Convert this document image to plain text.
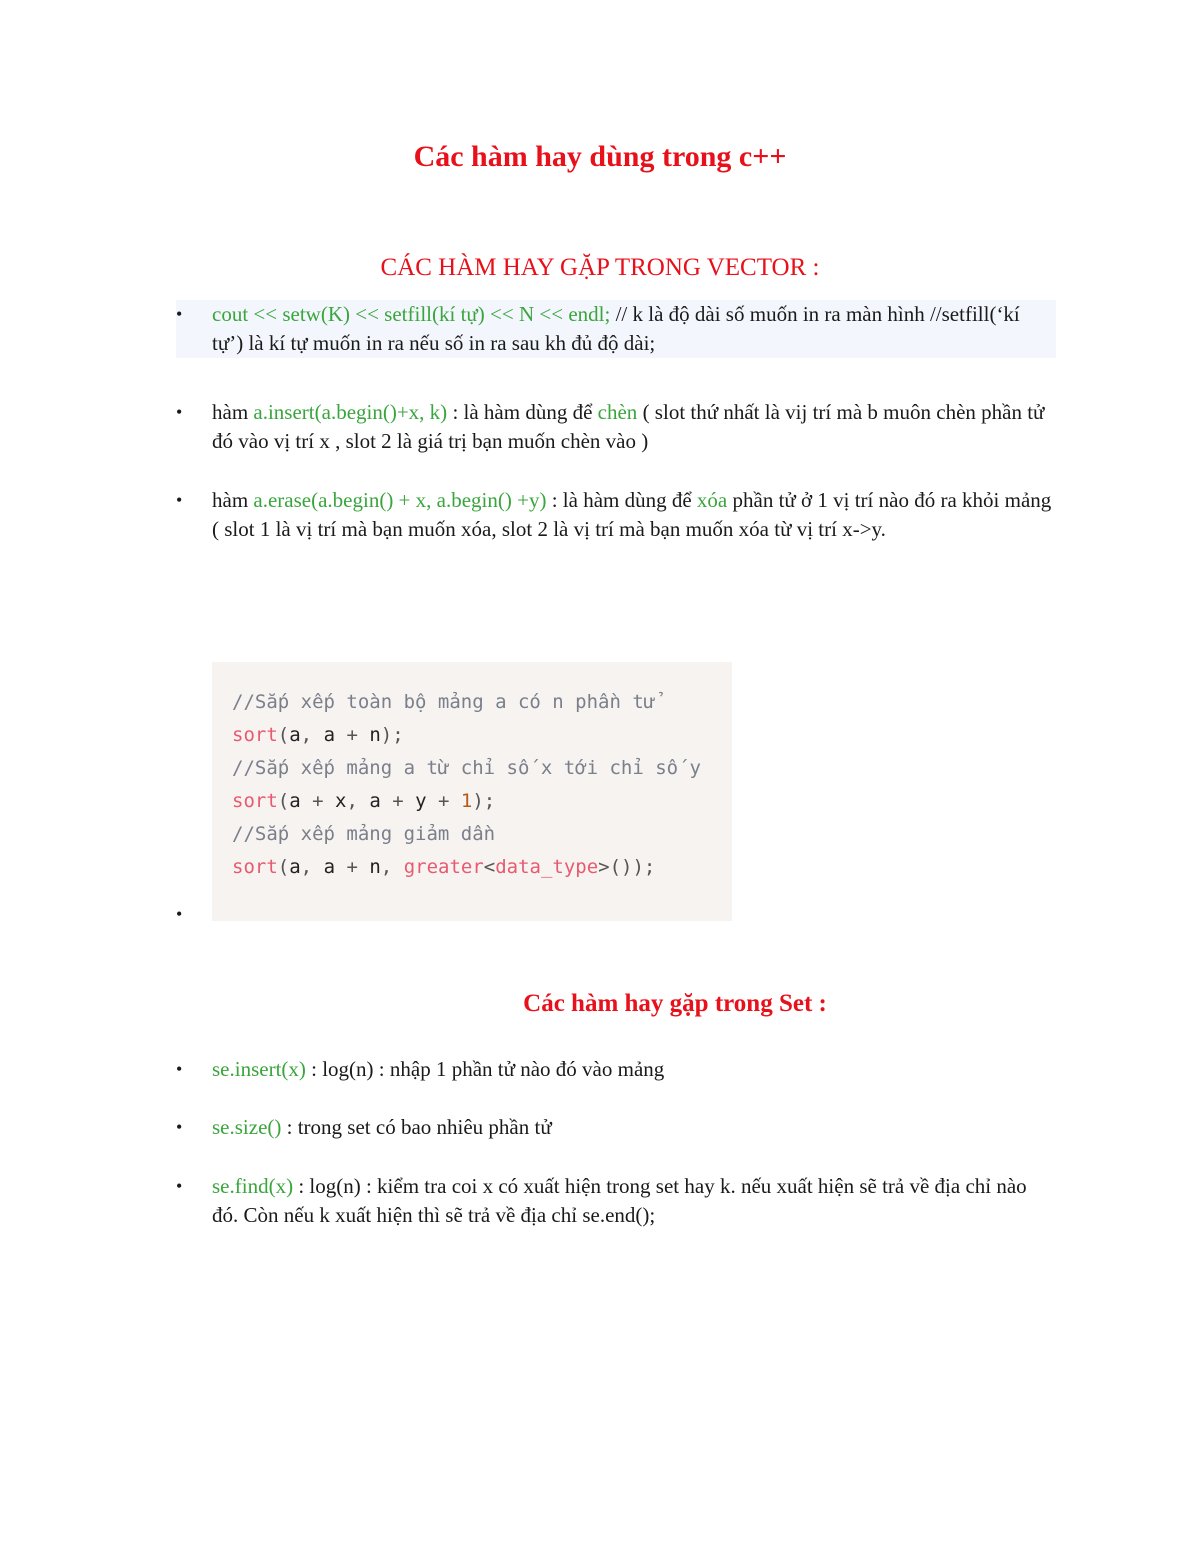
Các hàm hay dùng trong c++
CÁC HÀM HAY GẶP TRONG VECTOR :
• cout << setw(K) << setfill(kí tự) << N << endl; // k là độ dài số muốn in ra màn hình //setfill(‘kí tự’) là kí tự muốn in ra nếu số in ra sau kh đủ độ dài;
• hàm a.insert(a.begin()+x, k) : là hàm dùng để chèn ( slot thứ nhất là vij trí mà b muôn chèn phần tử đó vào vị trí x , slot 2 là giá trị bạn muốn chèn vào )
• hàm a.erase(a.begin() + x, a.begin() +y) : là hàm dùng để xóa phần tử ở 1 vị trí nào đó ra khỏi mảng ( slot 1 là vị trí mà bạn muốn xóa, slot 2 là vị trí mà bạn muốn xóa từ vị trí x->y.
//Sắp xếp toàn bộ mảng a có n phần tử
sort(a, a + n);
//Sắp xếp mảng a từ chỉ số x tới chỉ số y
sort(a + x, a + y + 1);
//Sắp xếp mảng giảm dần
sort(a, a + n, greater<data_type>());
•
Các hàm hay gặp trong Set :
• se.insert(x) : log(n) : nhập 1 phần tử nào đó vào mảng
• se.size() : trong set có bao nhiêu phần tử
• se.find(x) : log(n) : kiểm tra coi x có xuất hiện trong set hay k. nếu xuất hiện sẽ trả về địa chỉ nào đó. Còn nếu k xuất hiện thì sẽ trả về địa chỉ se.end();
